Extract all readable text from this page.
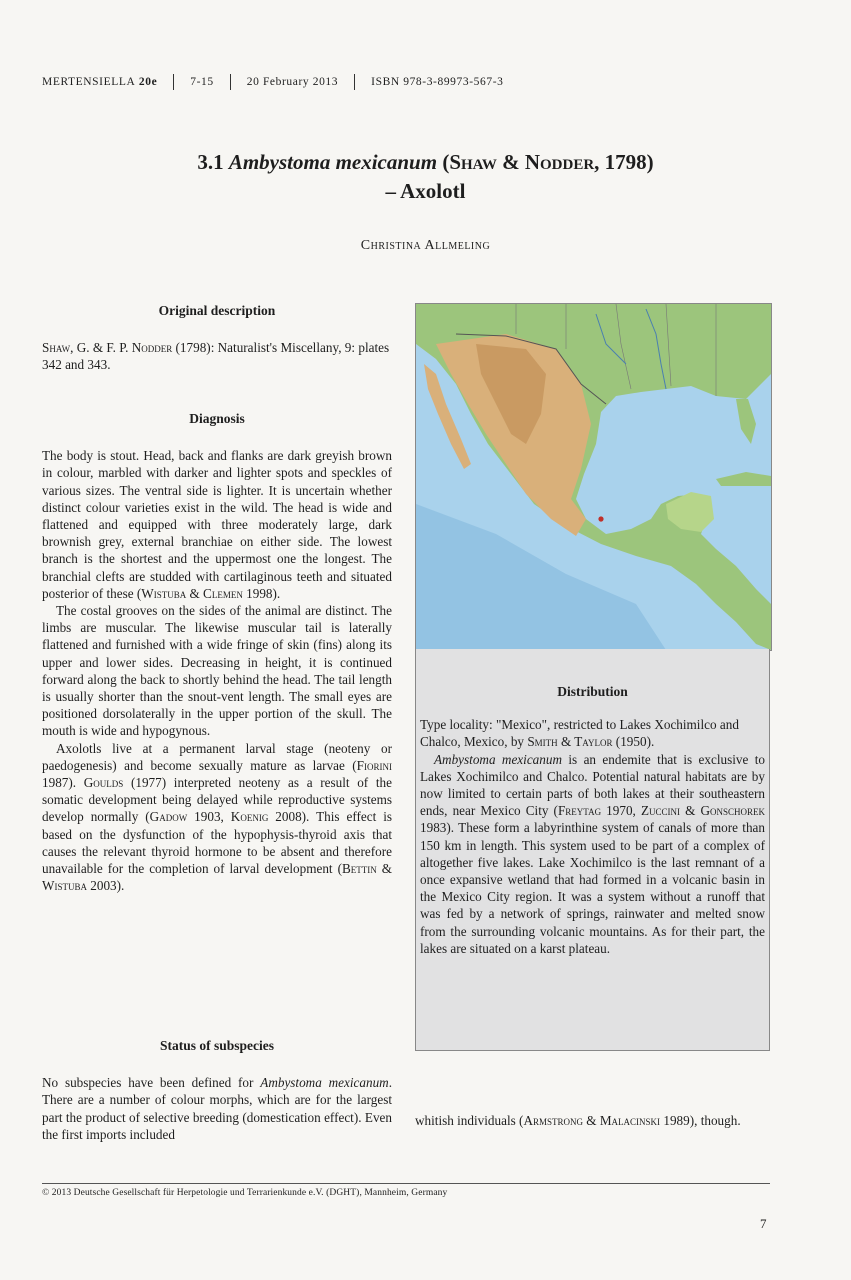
MERTENSIELLA
20e	7-15	20 February 2013	ISBN 978-3-89973-567-3
3.1 Ambystoma mexicanum (Shaw & Nodder, 1798)
– Axolotl
Christina Allmeling
Original description

Shaw, G. & F. P. Nodder (1798): Naturalist's Miscellany, 9: plates 342 and 343.

Diagnosis

The body is stout. Head, back and flanks are dark greyish brown in colour, marbled with darker and lighter spots and speckles of various sizes. The ventral side is lighter. It is uncertain whether distinct colour varieties exist in the wild. The head is wide and flattened and equipped with three moderately large, dark brownish grey, external branchiae on either side. The lowest branch is the shortest and the uppermost one the longest. The branchial clefts are studded with cartilaginous teeth and situated posterior of these (Wistuba & Clemen 1998).

The costal grooves on the sides of the animal are distinct. The limbs are muscular. The likewise muscular tail is laterally flattened and furnished with a wide fringe of skin (fins) along its upper and lower sides. Decreasing in height, it is continued forward along the back to shortly behind the head. The tail length is usually shorter than the snout-vent length. The small eyes are positioned dorsolaterally in the upper portion of the skull. The mouth is wide and hypogynous.

Axolotls live at a permanent larval stage (neoteny or paedogenesis) and become sexually mature as larvae (Fiorini 1987). Goulds (1977) interpreted neoteny as a result of the somatic development being delayed while reproductive systems develop normally (Gadow 1903, Koenig 2008). This effect is based on the dysfunction of the hypophysis-thyroid axis that causes the relevant thyroid hormone to be absent and therefore unavailable for the completion of larval development (Bettin & Wistuba 2003).

Status of subspecies

No subspecies have been defined for Ambystoma mexicanum. There are a number of colour morphs, which are for the largest part the product of selective breeding (domestication effect). Even the first imports included

Distribution

Type locality: "Mexico", restricted to Lakes Xochimilco and Chalco, Mexico, by Smith & Taylor (1950).

Ambystoma mexicanum is an endemite that is exclusive to Lakes Xochimilco and Chalco. Potential natural habitats are by now limited to certain parts of both lakes at their southeastern ends, near Mexico City (Freytag 1970, Zuccini & Gonschorek 1983). These form a labyrinthine system of canals of more than 150 km in length. This system used to be part of a complex of altogether five lakes. Lake Xochimilco is the last remnant of a once expansive wetland that had formed in a volcanic basin in the Mexico City region. It was a system without a runoff that was fed by a network of springs, rainwater and melted snow from the surrounding volcanic mountains. As for their part, the lakes are situated on a karst plateau.

whitish individuals (Armstrong & Malacinski 1989), though.
© 2013 Deutsche Gesellschaft für Herpetologie und Terrarienkunde e.V. (DGHT), Mannheim, Germany
7
